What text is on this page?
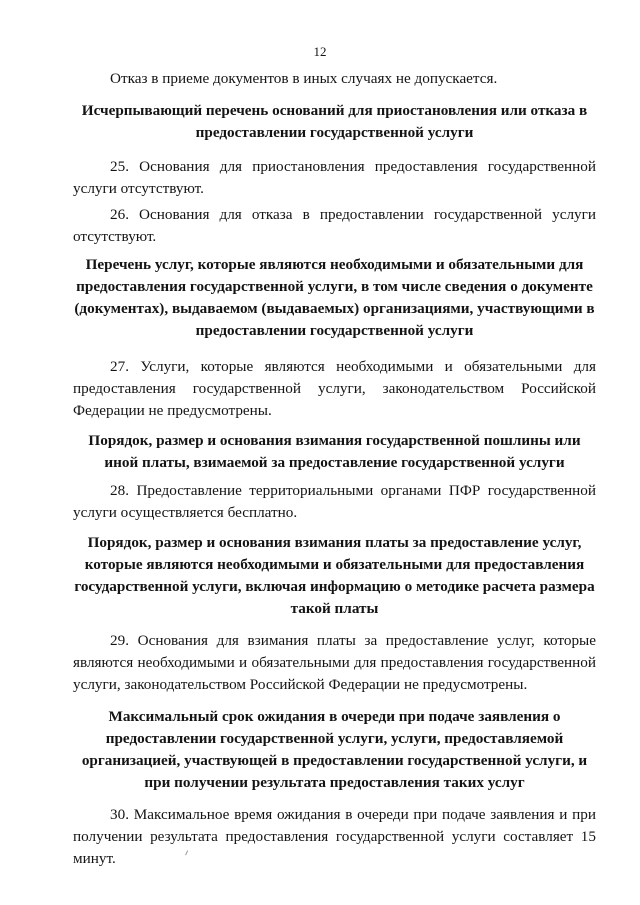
12

Отказ в приеме документов в иных случаях не допускается.

Исчерпывающий перечень оснований для приостановления или отказа в предоставлении государственной услуги

25. Основания для приостановления предоставления государственной услуги отсутствуют.

26. Основания для отказа в предоставлении государственной услуги отсутствуют.

Перечень услуг, которые являются необходимыми и обязательными для предоставления государственной услуги, в том числе сведения о документе (документах), выдаваемом (выдаваемых) организациями, участвующими в предоставлении государственной услуги

27. Услуги, которые являются необходимыми и обязательными для предоставления государственной услуги, законодательством Российской Федерации не предусмотрены.

Порядок, размер и основания взимания государственной пошлины или иной платы, взимаемой за предоставление государственной услуги

28. Предоставление территориальными органами ПФР государственной услуги осуществляется бесплатно.

Порядок, размер и основания взимания платы за предоставление услуг, которые являются необходимыми и обязательными для предоставления государственной услуги, включая информацию о методике расчета размера такой платы

29. Основания для взимания платы за предоставление услуг, которые являются необходимыми и обязательными для предоставления государственной услуги, законодательством Российской Федерации не предусмотрены.

Максимальный срок ожидания в очереди при подаче заявления о предоставлении государственной услуги, услуги, предоставляемой организацией, участвующей в предоставлении государственной услуги, и при получении результата предоставления таких услуг

30. Максимальное время ожидания в очереди при подаче заявления и при получении результата предоставления государственной услуги составляет 15 минут.
